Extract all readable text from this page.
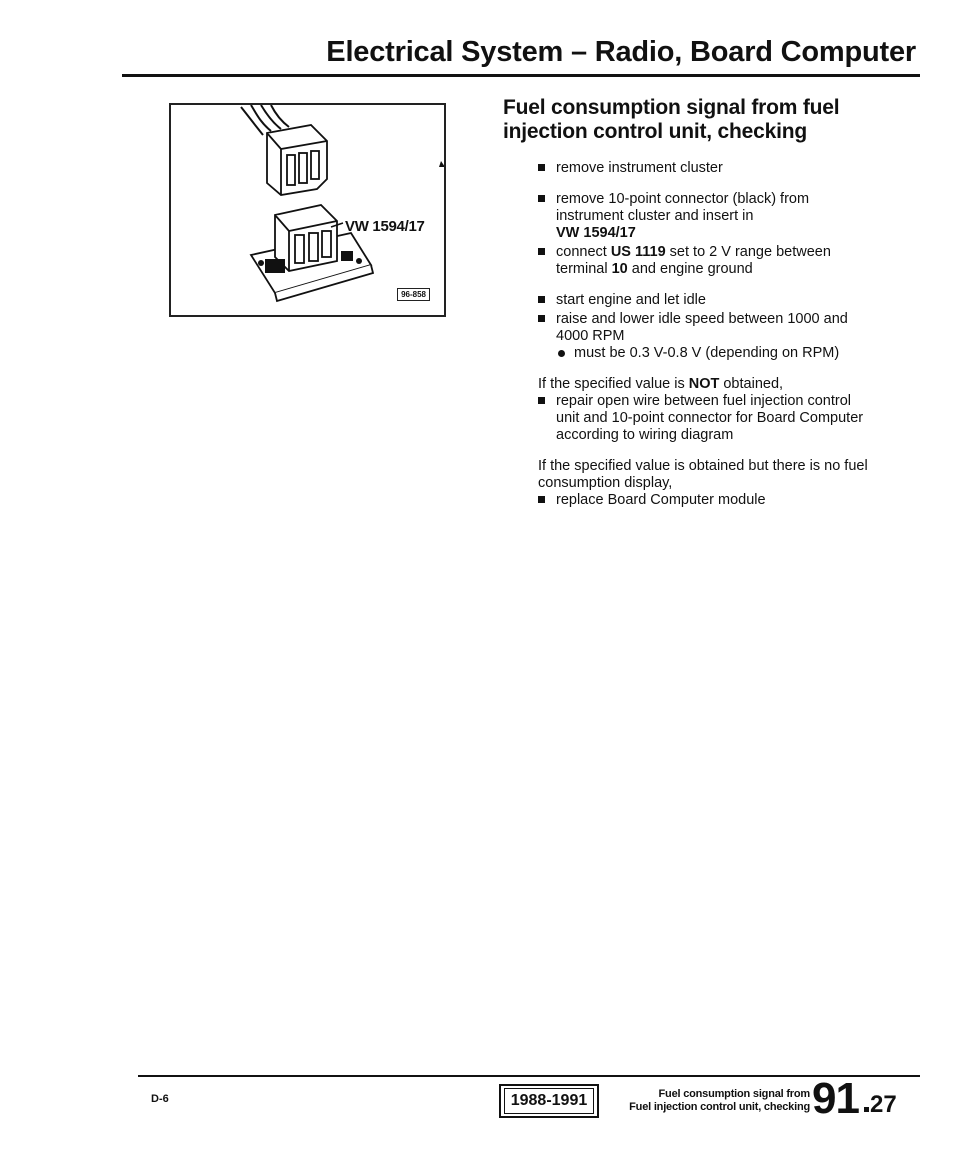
Electrical System – Radio, Board Computer
VW 1594/17
96-858
Fuel consumption signal from fuel
injection control unit, checking
remove instrument cluster
remove 10-point connector (black) from instrument cluster and insert in
VW 1594/17
connect US 1119 set to 2 V range between terminal 10 and engine ground
start engine and let idle
raise and lower idle speed between 1000 and 4000 RPM
must be 0.3 V-0.8 V (depending on RPM)
If the specified value is NOT obtained,
repair open wire between fuel injection control unit and 10-point connector for Board Computer according to wiring diagram
If the specified value is obtained but there is no fuel consumption display,
replace Board Computer module
D-6	1988-1991	Fuel consumption signal from
Fuel injection control unit, checking 91 27
